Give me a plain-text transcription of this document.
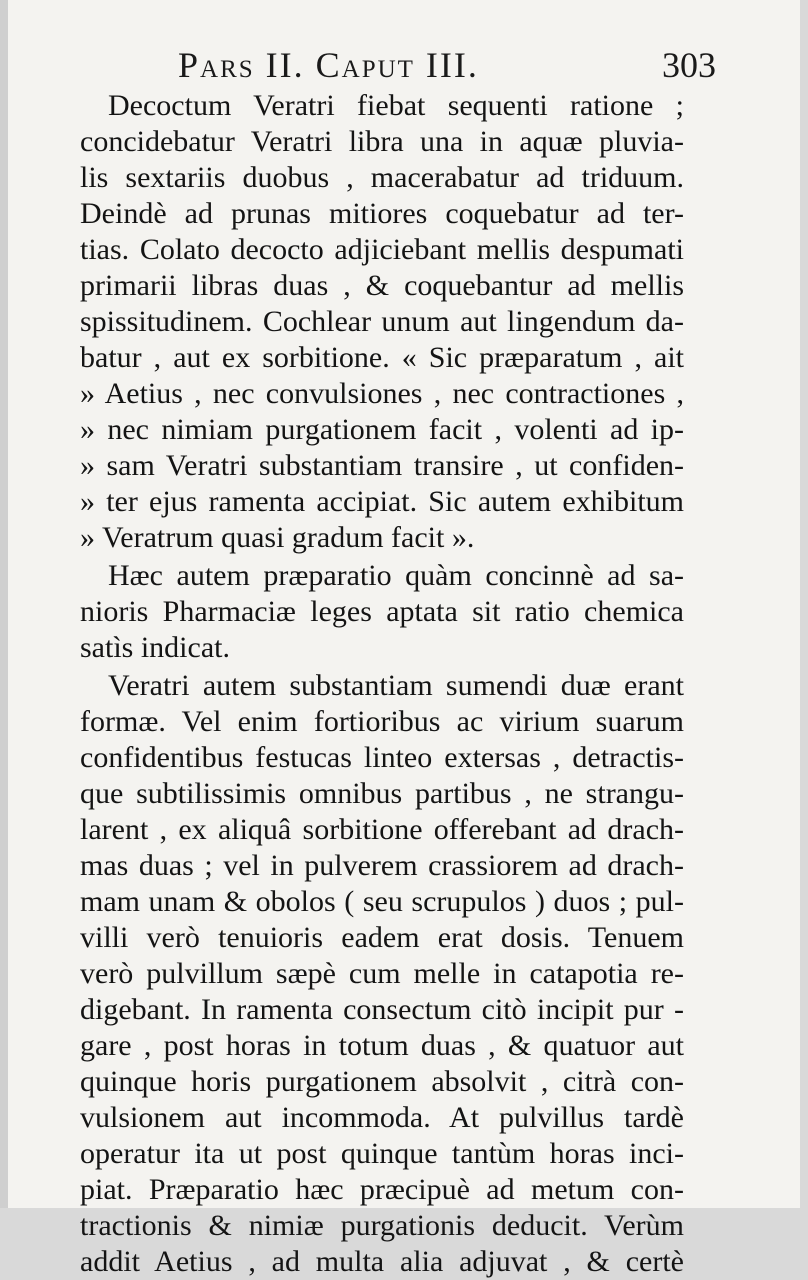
Pars II. Caput III.	303
Decoctum Veratri fiebat sequenti ratione ;
concidebatur Veratri libra una in aquæ pluvia-
lis sextariis duobus , macerabatur ad triduum.
Deindè ad prunas mitiores coquebatur ad ter-
tias. Colato decocto adjiciebant mellis despumati
primarii libras duas , & coquebantur ad mellis
spissitudinem. Cochlear unum aut lingendum da-
batur , aut ex sorbitione. « Sic præparatum , ait
» Aetius , nec convulsiones , nec contractiones ,
» nec nimiam purgationem facit , volenti ad ip-
» sam Veratri substantiam transire , ut confiden-
» ter ejus ramenta accipiat. Sic autem exhibitum
» Veratrum quasi gradum facit ».
Hæc autem præparatio quàm concinnè ad sa-
nioris Pharmaciæ leges aptata sit ratio chemica
satìs indicat.
Veratri autem substantiam sumendi duæ erant
formæ. Vel enim fortioribus ac virium suarum
confidentibus festucas linteo extersas , detractis-
que subtilissimis omnibus partibus , ne strangu-
larent , ex aliquâ sorbitione offerebant ad drach-
mas duas ; vel in pulverem crassiorem ad drach-
mam unam & obolos ( seu scrupulos ) duos ; pul-
villi verò tenuioris eadem erat dosis. Tenuem
verò pulvillum sæpè cum melle in catapotia re-
digebant. In ramenta consectum citò incipit pur -
gare , post horas in totum duas , & quatuor aut
quinque horis purgationem absolvit , citrà con-
vulsionem aut incommoda. At pulvillus tardè
operatur ita ut post quinque tantùm horas inci-
piat. Præparatio hæc præcipuè ad metum con-
tractionis & nimiæ purgationis deducit. Verùm
addit Aetius , ad multa alia adjuvat , & certè
